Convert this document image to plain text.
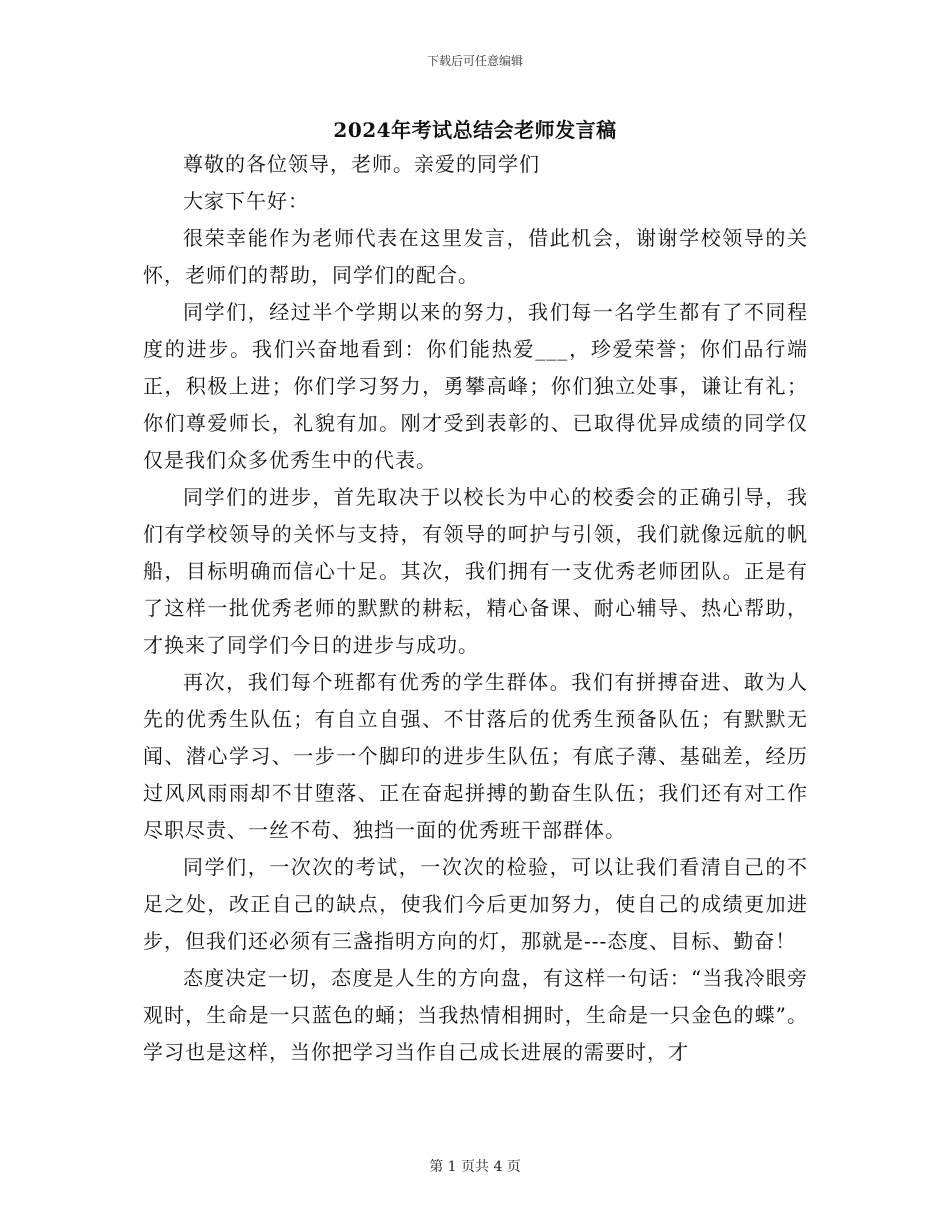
下载后可任意编辑
2024年考试总结会老师发言稿

尊敬的各位领导，老师。亲爱的同学们

大家下午好：

很荣幸能作为老师代表在这里发言，借此机会，谢谢学校领导的关怀，老师们的帮助，同学们的配合。

同学们，经过半个学期以来的努力，我们每一名学生都有了不同程度的进步。我们兴奋地看到：你们能热爱___，珍爱荣誉；你们品行端正，积极上进；你们学习努力，勇攀高峰；你们独立处事，谦让有礼；你们尊爱师长，礼貌有加。刚才受到表彰的、已取得优异成绩的同学仅仅是我们众多优秀生中的代表。

同学们的进步，首先取决于以校长为中心的校委会的正确引导，我们有学校领导的关怀与支持，有领导的呵护与引领，我们就像远航的帆船，目标明确而信心十足。其次，我们拥有一支优秀老师团队。正是有了这样一批优秀老师的默默的耕耘，精心备课、耐心辅导、热心帮助，才换来了同学们今日的进步与成功。

再次，我们每个班都有优秀的学生群体。我们有拼搏奋进、敢为人先的优秀生队伍；有自立自强、不甘落后的优秀生预备队伍；有默默无闻、潜心学习、一步一个脚印的进步生队伍；有底子薄、基础差，经历过风风雨雨却不甘堕落、正在奋起拼搏的勤奋生队伍；我们还有对工作尽职尽责、一丝不苟、独挡一面的优秀班干部群体。

同学们，一次次的考试，一次次的检验，可以让我们看清自己的不足之处，改正自己的缺点，使我们今后更加努力，使自己的成绩更加进步，但我们还必须有三盏指明方向的灯，那就是---态度、目标、勤奋！

态度决定一切，态度是人生的方向盘，有这样一句话：“当我冷眼旁观时，生命是一只蓝色的蛹；当我热情相拥时，生命是一只金色的蝶”。学习也是这样，当你把学习当作自己成长进展的需要时，才

第 1 页共 4 页
